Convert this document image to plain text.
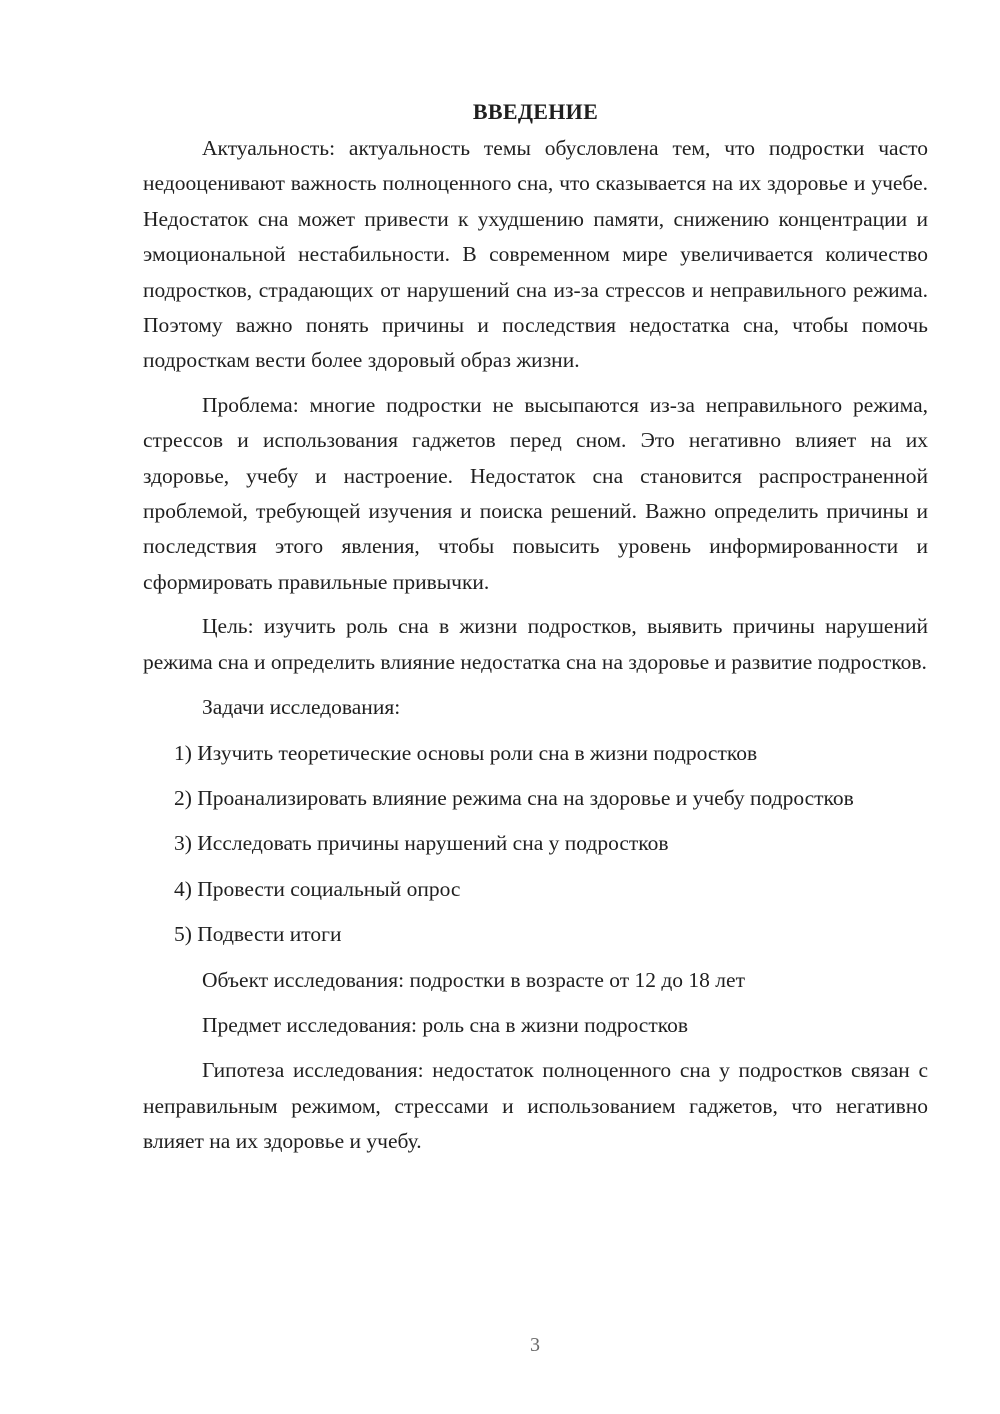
ВВЕДЕНИЕ

Актуальность: актуальность темы обусловлена тем, что подростки часто недооценивают важность полноценного сна, что сказывается на их здоровье и учебе. Недостаток сна может привести к ухудшению памяти, снижению концентрации и эмоциональной нестабильности. В современном мире увеличивается количество подростков, страдающих от нарушений сна из-за стрессов и неправильного режима. Поэтому важно понять причины и последствия недостатка сна, чтобы помочь подросткам вести более здоровый образ жизни.

Проблема: многие подростки не высыпаются из-за неправильного режима, стрессов и использования гаджетов перед сном. Это негативно влияет на их здоровье, учебу и настроение. Недостаток сна становится распространенной проблемой, требующей изучения и поиска решений. Важно определить причины и последствия этого явления, чтобы повысить уровень информированности и сформировать правильные привычки.

Цель: изучить роль сна в жизни подростков, выявить причины нарушений режима сна и определить влияние недостатка сна на здоровье и развитие подростков.

Задачи исследования:

1) Изучить теоретические основы роли сна в жизни подростков

2) Проанализировать влияние режима сна на здоровье и учебу подростков

3) Исследовать причины нарушений сна у подростков

4) Провести социальный опрос

5) Подвести итоги

Объект исследования: подростки в возрасте от 12 до 18 лет

Предмет исследования: роль сна в жизни подростков

Гипотеза исследования: недостаток полноценного сна у подростков связан с неправильным режимом, стрессами и использованием гаджетов, что негативно влияет на их здоровье и учебу.

3
